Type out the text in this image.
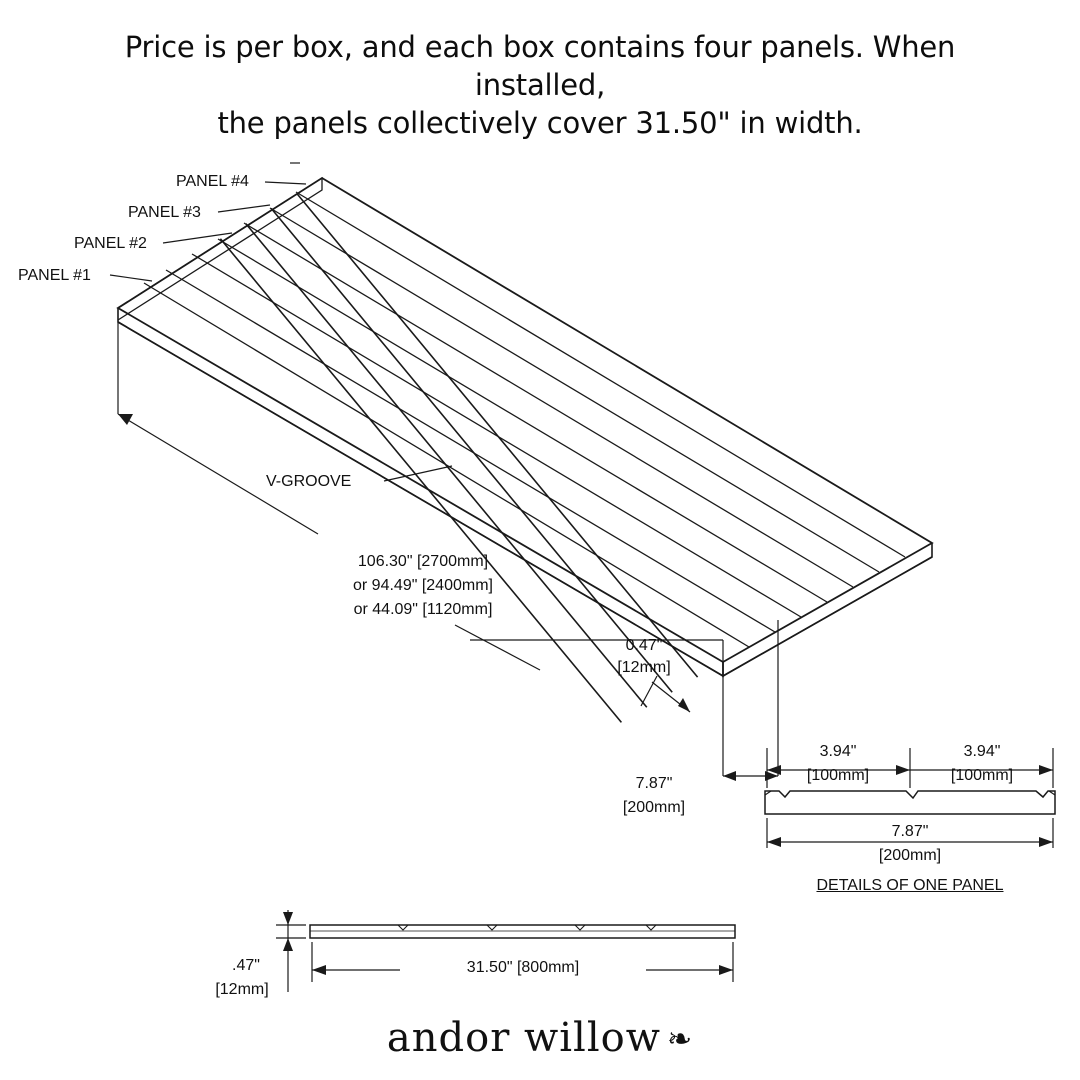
Price is per box, and each box contains four panels. When installed,
the panels collectively cover 31.50" in width.
PANEL #4
PANEL #3
PANEL #2
PANEL #1
V-GROOVE
106.30" [2700mm]
or 94.49" [2400mm]
or 44.09" [1120mm]
0.47"
[12mm]
7.87"
[200mm]
3.94"
[100mm]
3.94"
[100mm]
7.87"
[200mm]
DETAILS OF ONE PANEL
.47"
[12mm]
31.50" [800mm]
andor willow ❧
